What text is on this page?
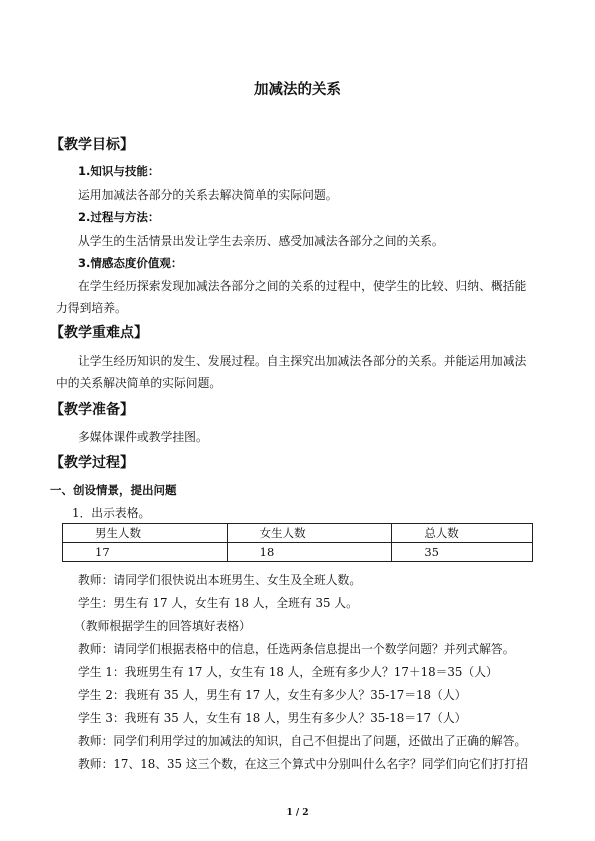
加减法的关系
【教学目标】
1.知识与技能：
运用加减法各部分的关系去解决简单的实际问题。
2.过程与方法：
从学生的生活情景出发让学生去亲历、感受加减法各部分之间的关系。
3.情感态度价值观：
在学生经历探索发现加减法各部分之间的关系的过程中，使学生的比较、归纳、概括能
力得到培养。
【教学重难点】
让学生经历知识的发生、发展过程。自主探究出加减法各部分的关系。并能运用加减法
中的关系解决简单的实际问题。
【教学准备】
多媒体课件或教学挂图。
【教学过程】
一、创设情景，提出问题
1．出示表格。
男生人数	女生人数	总人数
17	18	35
教师：请同学们很快说出本班男生、女生及全班人数。
学生：男生有 17 人，女生有 18 人，全班有 35 人。
（教师根据学生的回答填好表格）
教师：请同学们根据表格中的信息，任选两条信息提出一个数学问题？并列式解答。
学生 1：我班男生有 17 人，女生有 18 人，全班有多少人？17＋18＝35（人）
学生 2：我班有 35 人，男生有 17 人，女生有多少人？35-17＝18（人）
学生 3：我班有 35 人，女生有 18 人，男生有多少人？35-18＝17（人）
教师：同学们利用学过的加减法的知识，自己不但提出了问题，还做出了正确的解答。
教师：17、18、35 这三个数，在这三个算式中分别叫什么名字？同学们向它们打打招
1 / 2
